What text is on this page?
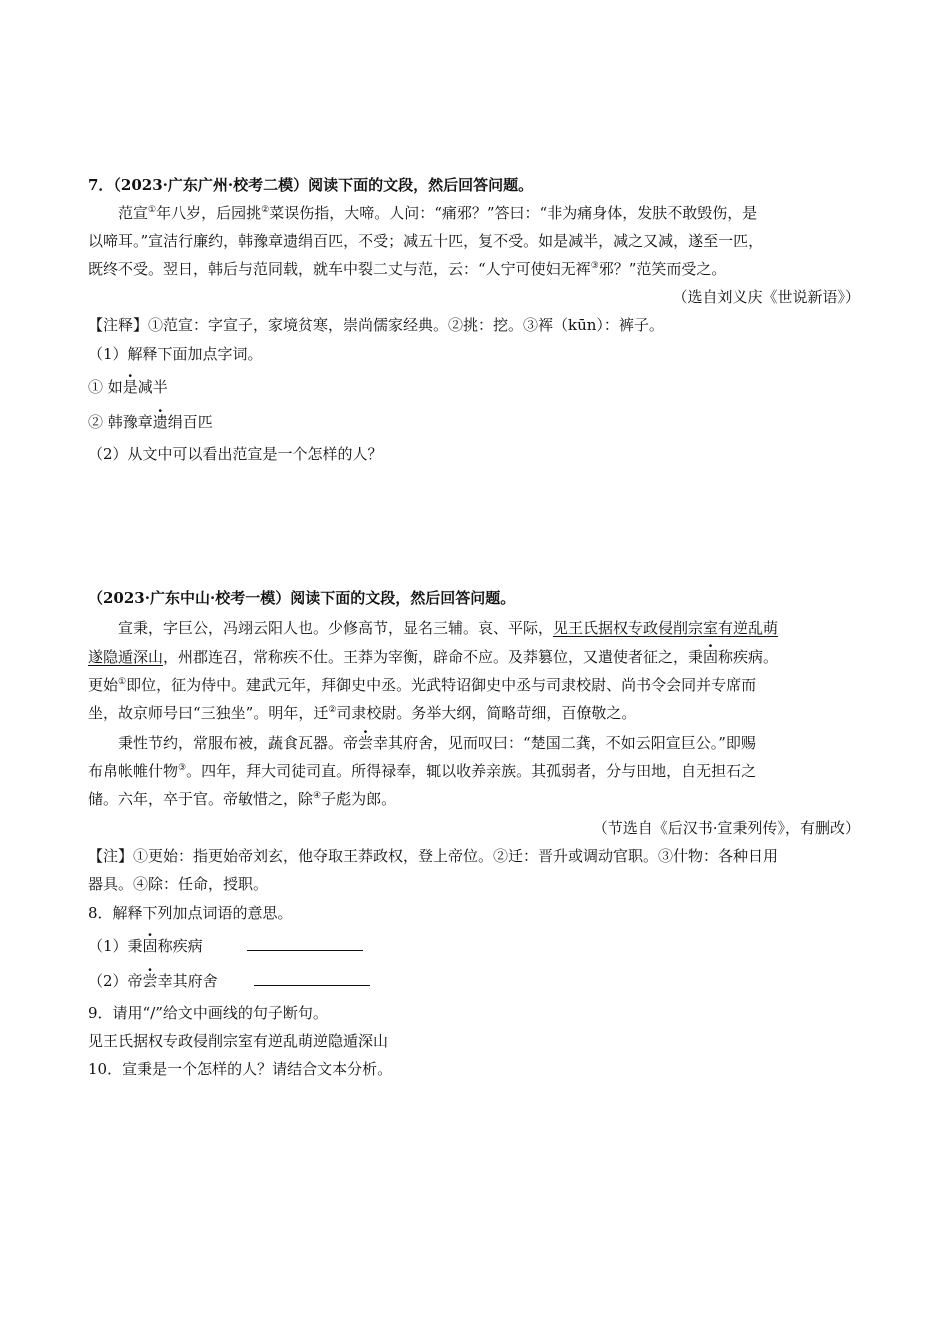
7．（2023·广东广州·校考二模）阅读下面的文段，然后回答问题。
范宣①年八岁，后园挑②菜误伤指，大啼。人问：“痛邪？”答曰：“非为痛身体，发肤不敢毁伤，是
以啼耳。”宣洁行廉约，韩豫章遗绢百匹，不受；减五十匹，复不受。如是减半，减之又减，遂至一匹，
既终不受。翌日，韩后与范同载，就车中裂二丈与范，云：“人宁可使妇无裈③邪？”范笑而受之。
（选自刘义庆《世说新语》）
【注释】①范宣：字宣子，家境贫寒，崇尚儒家经典。②挑：挖。③裈（kūn）：裤子。
（1）解释下面加点字词。
① 如是减半
② 韩豫章遗绢百匹
（2）从文中可以看出范宣是一个怎样的人？
（2023·广东中山·校考一模）阅读下面的文段，然后回答问题。
宣秉，字巨公，冯翊云阳人也。少修高节，显名三辅。哀、平际，见王氏据权专政侵削宗室有逆乱萌
遂隐遁深山，州郡连召，常称疾不仕。王莽为宰衡，辟命不应。及莽篡位，又遣使者征之，秉固称疾病。
更始①即位，征为侍中。建武元年，拜御史中丞。光武特诏御史中丞与司隶校尉、尚书令会同并专席而
坐，故京师号曰“三独坐”。明年，迁②司隶校尉。务举大纲，简略苛细，百僚敬之。
秉性节约，常服布被，蔬食瓦器。帝尝幸其府舍，见而叹曰：“楚国二龚，不如云阳宣巨公。”即赐
布帛帐帷什物③。四年，拜大司徒司直。所得禄奉，辄以收养亲族。其孤弱者，分与田地，自无担石之
储。六年，卒于官。帝敏惜之，除④子彪为郎。
（节选自《后汉书·宣秉列传》，有删改）
【注】①更始：指更始帝刘玄，他夺取王莽政权，登上帝位。②迁：晋升或调动官职。③什物：各种日用
器具。④除：任命，授职。
8．解释下列加点词语的意思。
（1）秉固称疾病
（2）帝尝幸其府舍
9．请用“/”给文中画线的句子断句。
见王氏据权专政侵削宗室有逆乱萌逆隐遁深山
10．宣秉是一个怎样的人？请结合文本分析。
